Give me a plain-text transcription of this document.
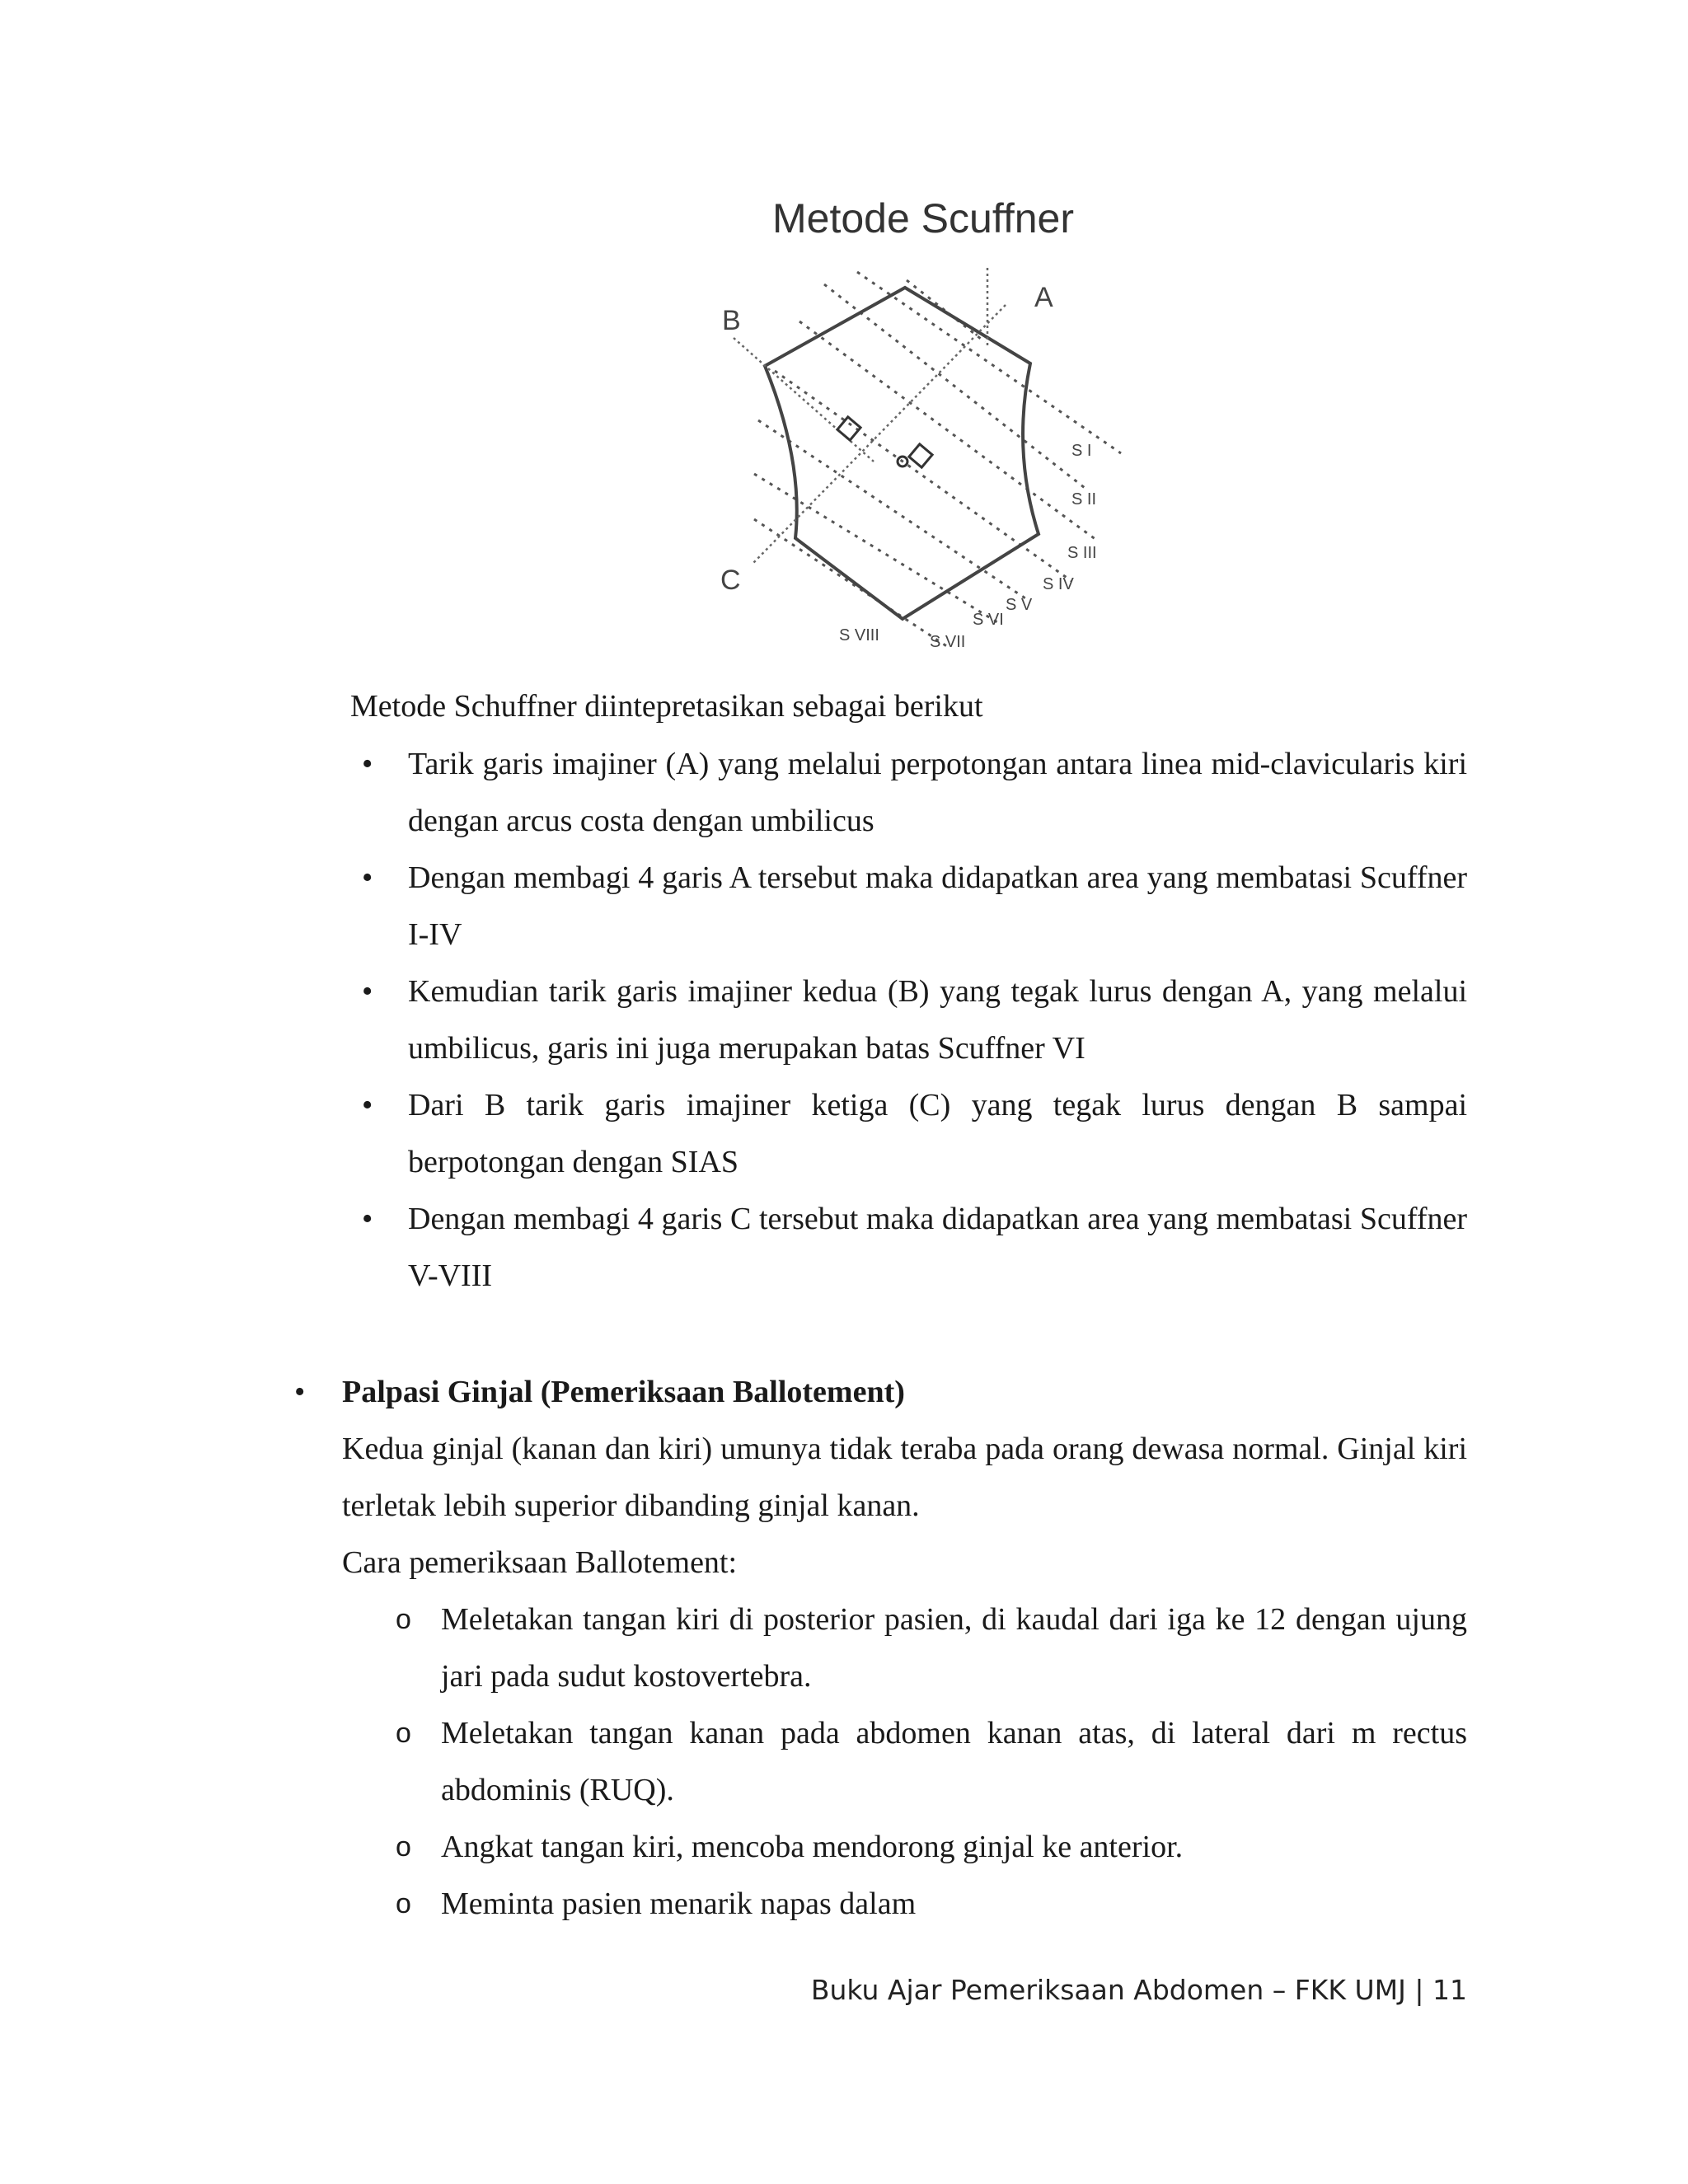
Metode Scuffner
B
A
C
S I
S II
S III
S IV
S V
S VI
S VII
S VIII
Metode Schuffner diintepretasikan sebagai berikut
• Tarik garis imajiner (A) yang melalui perpotongan antara linea mid-clavicularis kiri dengan arcus costa dengan umbilicus
• Dengan membagi 4 garis A tersebut maka didapatkan area yang membatasi Scuffner I-IV
• Kemudian tarik garis imajiner kedua (B) yang tegak lurus dengan A, yang melalui umbilicus, garis ini juga merupakan batas Scuffner VI
• Dari B tarik garis imajiner ketiga (C) yang tegak lurus dengan B sampai berpotongan dengan SIAS
• Dengan membagi 4 garis C tersebut maka didapatkan area yang membatasi Scuffner V-VIII
• Palpasi Ginjal (Pemeriksaan Ballotement)
Kedua ginjal (kanan dan kiri) umunya tidak teraba pada orang dewasa normal. Ginjal kiri terletak lebih superior dibanding ginjal kanan.
Cara pemeriksaan Ballotement:
o Meletakan tangan kiri di posterior pasien, di kaudal dari iga ke 12 dengan ujung jari pada sudut kostovertebra.
o Meletakan tangan kanan pada abdomen kanan atas, di lateral dari m rectus abdominis (RUQ).
o Angkat tangan kiri, mencoba mendorong ginjal ke anterior.
o Meminta pasien menarik napas dalam
Buku Ajar Pemeriksaan Abdomen – FKK UMJ | 11
